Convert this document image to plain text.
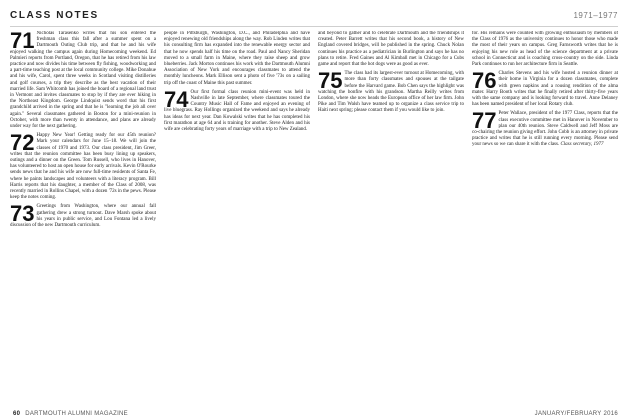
CLASS NOTES	1971–1977

71 Nicholas Tarasenko writes that his son entered the freshman class this fall after a summer spent on a Dartmouth Outing Club trip, and that he and his wife enjoyed walking the campus again during Homecoming weekend. Ed Palmieri reports from Portland, Oregon, that he has retired from his law practice and now divides his time between fly fishing, woodworking and a part-time teaching post at the local community college. Mike Donahue and his wife, Carol, spent three weeks in Scotland visiting distilleries and golf courses, a trip they describe as the best vacation of their married life. Sam Whitcomb has joined the board of a regional land trust in Vermont and invites classmates to stop by if they are ever hiking in the Northeast Kingdom. George Lindquist sends word that his first grandchild arrived in the spring and that he is "learning the job all over again." Several classmates gathered in Boston for a mini-reunion in October, with more than twenty in attendance, and plans are already under way for the next gathering.

72 Happy New Year! Getting ready for our 45th reunion? Mark your calendars for June 15–18. We will join the classes of 1970 and 1973. Our class president, Jim Greer, writes that the reunion committee has been busy lining up speakers, outings and a dinner on the Green. Tom Russell, who lives in Hanover, has volunteered to host an open house for early arrivals. Kevin O'Rourke sends news that he and his wife are now full-time residents of Santa Fe, where he paints landscapes and volunteers with a literacy program. Bill Harris reports that his daughter, a member of the Class of 2008, was recently married in Rollins Chapel, with a dozen '72s in the pews. Please keep the notes coming.

73 Greetings from Washington, where our annual fall gathering drew a strong turnout. Dave Marsh spoke about his years in public service, and Lou Fontana led a lively discussion of the new Dartmouth curriculum.

people in Pittsburgh, Washington, D.C., and Philadelphia and have enjoyed renewing old friendships along the way. Rob Linden writes that his consulting firm has expanded into the renewable energy sector and that he now spends half his time on the road. Paul and Nancy Sheridan moved to a small farm in Maine, where they raise sheep and grow blueberries. Jack Morton continues his work with the Dartmouth Alumni Association of New York and encourages classmates to attend the monthly luncheons. Mark Ellison sent a photo of five '73s on a sailing trip off the coast of Maine this past summer.

74 Our first formal class reunion mini-event was held in Nashville in late September, where classmates toured the Country Music Hall of Fame and enjoyed an evening of live bluegrass. Ray Hollings organized the weekend and says he already has ideas for next year. Dan Kowalski writes that he has completed his first marathon at age 64 and is training for another. Steve Alden and his wife are celebrating forty years of marriage with a trip to New Zealand.

and beyond to gather and to celebrate Dartmouth and the friendships it created. Peter Barrett writes that his second book, a history of New England covered bridges, will be published in the spring. Chuck Nolan continues his practice as a pediatrician in Burlington and says he has no plans to retire. Fred Gaines and Al Kimball met in Chicago for a Cubs game and report that the hot dogs were as good as ever.

75 The class had its largest-ever turnout at Homecoming, with more than forty classmates and spouses at the tailgate before the Harvard game. Bob Chen says the highlight was watching the bonfire with his grandson. Martha Reilly writes from London, where she now heads the European office of her law firm. John Pike and Tim Walsh have teamed up to organize a class service trip to Haiti next spring; please contact them if you would like to join.

for. His remains were counted with growing enthusiasm by members of the Class of 1976 as the university continues to honor those who made the most of their years on campus. Greg Farnsworth writes that he is enjoying his new role as head of the science department at a private school in Connecticut and is coaching cross-country on the side. Linda Park continues to run her architecture firm in Seattle.

76 Charles Stevens and his wife hosted a reunion dinner at their home in Virginia for a dozen classmates, complete with green napkins and a rousing rendition of the alma mater. Harry Booth writes that he finally retired after thirty-five years with the same company and is looking forward to travel. Anne Delaney has been named president of her local Rotary club.

77 Peter Wallace, president of the 1977 Class, reports that the class executive committee met in Hanover in November to plan our 40th reunion. Steve Caldwell and Jeff Moss are co-chairing the reunion giving effort. John Cobb is an attorney in private practice and writes that he is still running every morning. Please send your news so we can share it with the class. Class secretary, 1977

60 DARTMOUTH ALUMNI MAGAZINE	JANUARY/FEBRUARY 2016
